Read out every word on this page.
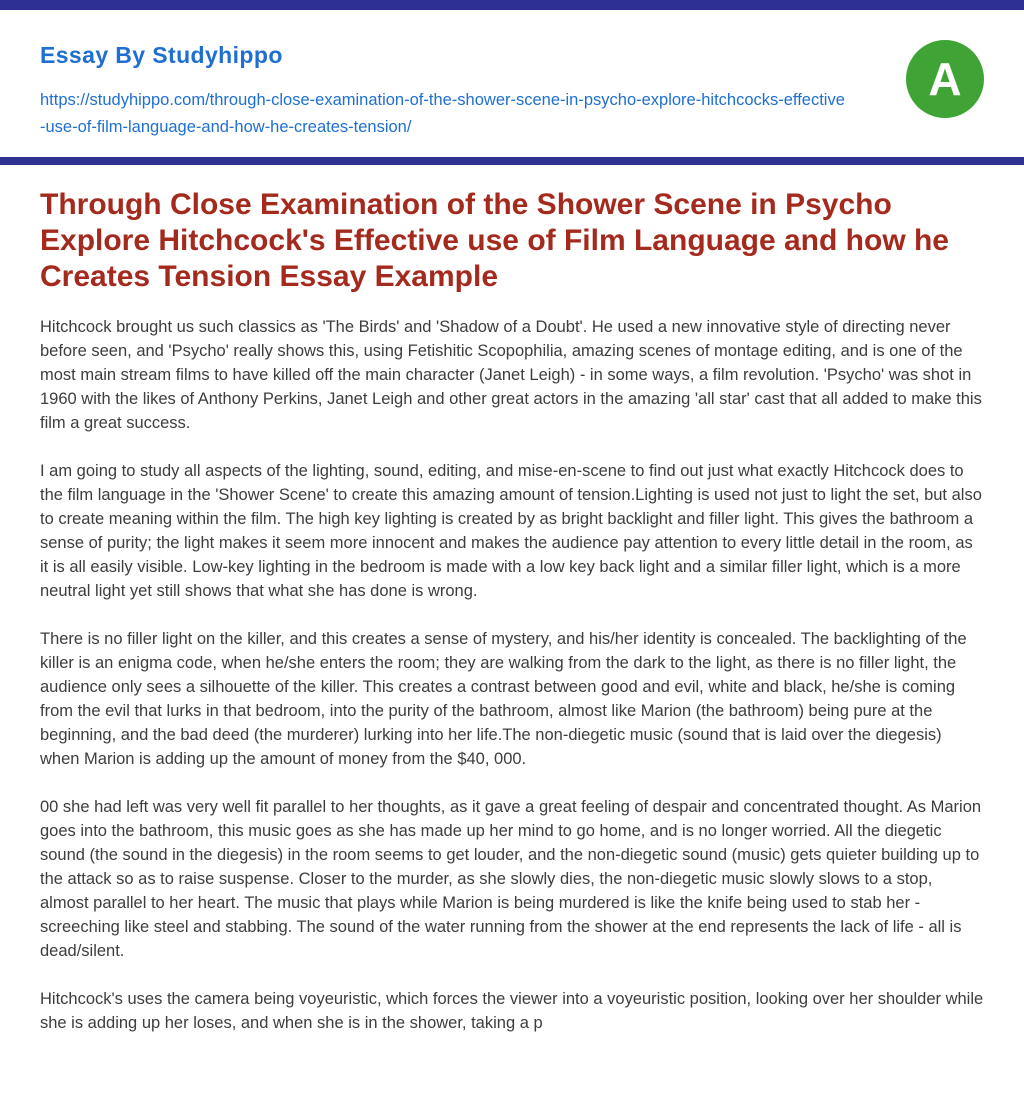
Essay By Studyhippo
https://studyhippo.com/through-close-examination-of-the-shower-scene-in-psycho-explore-hitchcocks-effective-use-of-film-language-and-how-he-creates-tension/
A
Through Close Examination of the Shower Scene in Psycho Explore Hitchcock's Effective use of Film Language and how he Creates Tension Essay Example

Hitchcock brought us such classics as 'The Birds' and 'Shadow of a Doubt'. He used a new innovative style of directing never before seen, and 'Psycho' really shows this, using Fetishitic Scopophilia, amazing scenes of montage editing, and is one of the most main stream films to have killed off the main character (Janet Leigh) - in some ways, a film revolution. 'Psycho' was shot in 1960 with the likes of Anthony Perkins, Janet Leigh and other great actors in the amazing 'all star' cast that all added to make this film a great success.

I am going to study all aspects of the lighting, sound, editing, and mise-en-scene to find out just what exactly Hitchcock does to the film language in the 'Shower Scene' to create this amazing amount of tension.Lighting is used not just to light the set, but also to create meaning within the film. The high key lighting is created by as bright backlight and filler light. This gives the bathroom a sense of purity; the light makes it seem more innocent and makes the audience pay attention to every little detail in the room, as it is all easily visible. Low-key lighting in the bedroom is made with a low key back light and a similar filler light, which is a more neutral light yet still shows that what she has done is wrong.

There is no filler light on the killer, and this creates a sense of mystery, and his/her identity is concealed. The backlighting of the killer is an enigma code, when he/she enters the room; they are walking from the dark to the light, as there is no filler light, the audience only sees a silhouette of the killer. This creates a contrast between good and evil, white and black, he/she is coming from the evil that lurks in that bedroom, into the purity of the bathroom, almost like Marion (the bathroom) being pure at the beginning, and the bad deed (the murderer) lurking into her life.The non-diegetic music (sound that is laid over the diegesis) when Marion is adding up the amount of money from the $40, 000.

00 she had left was very well fit parallel to her thoughts, as it gave a great feeling of despair and concentrated thought. As Marion goes into the bathroom, this music goes as she has made up her mind to go home, and is no longer worried. All the diegetic sound (the sound in the diegesis) in the room seems to get louder, and the non-diegetic sound (music) gets quieter building up to the attack so as to raise suspense. Closer to the murder, as she slowly dies, the non-diegetic music slowly slows to a stop, almost parallel to her heart. The music that plays while Marion is being murdered is like the knife being used to stab her - screeching like steel and stabbing. The sound of the water running from the shower at the end represents the lack of life - all is dead/silent.

Hitchcock's uses the camera being voyeuristic, which forces the viewer into a voyeuristic position, looking over her shoulder while she is adding up her loses, and when she is in the shower, taking a p
